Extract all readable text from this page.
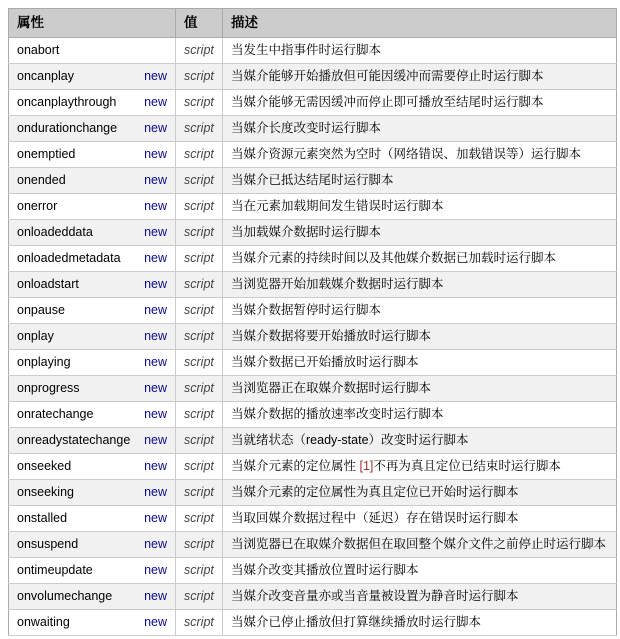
属性	值	描述
onabort	script	当发生中指事件时运行脚本
oncanplay new	script	当媒介能够开始播放但可能因缓冲而需要停止时运行脚本
oncanplaythrough new	script	当媒介能够无需因缓冲而停止即可播放至结尾时运行脚本
ondurationchange new	script	当媒介长度改变时运行脚本
onemptied new	script	当媒介资源元素突然为空时（网络错误、加载错误等）运行脚本
onended new	script	当媒介已抵达结尾时运行脚本
onerror new	script	当在元素加载期间发生错误时运行脚本
onloadeddata new	script	当加载媒介数据时运行脚本
onloadedmetadata new	script	当媒介元素的持续时间以及其他媒介数据已加载时运行脚本
onloadstart new	script	当浏览器开始加载媒介数据时运行脚本
onpause new	script	当媒介数据暂停时运行脚本
onplay new	script	当媒介数据将要开始播放时运行脚本
onplaying new	script	当媒介数据已开始播放时运行脚本
onprogress new	script	当浏览器正在取媒介数据时运行脚本
onratechange new	script	当媒介数据的播放速率改变时运行脚本
onreadystatechange new	script	当就绪状态（ready-state）改变时运行脚本
onseeked new	script	当媒介元素的定位属性 [1]不再为真且定位已结束时运行脚本
onseeking new	script	当媒介元素的定位属性为真且定位已开始时运行脚本
onstalled new	script	当取回媒介数据过程中（延迟）存在错误时运行脚本
onsuspend new	script	当浏览器已在取媒介数据但在取回整个媒介文件之前停止时运行脚本
ontimeupdate new	script	当媒介改变其播放位置时运行脚本
onvolumechange new	script	当媒介改变音量亦或当音量被设置为静音时运行脚本
onwaiting new	script	当媒介已停止播放但打算继续播放时运行脚本
